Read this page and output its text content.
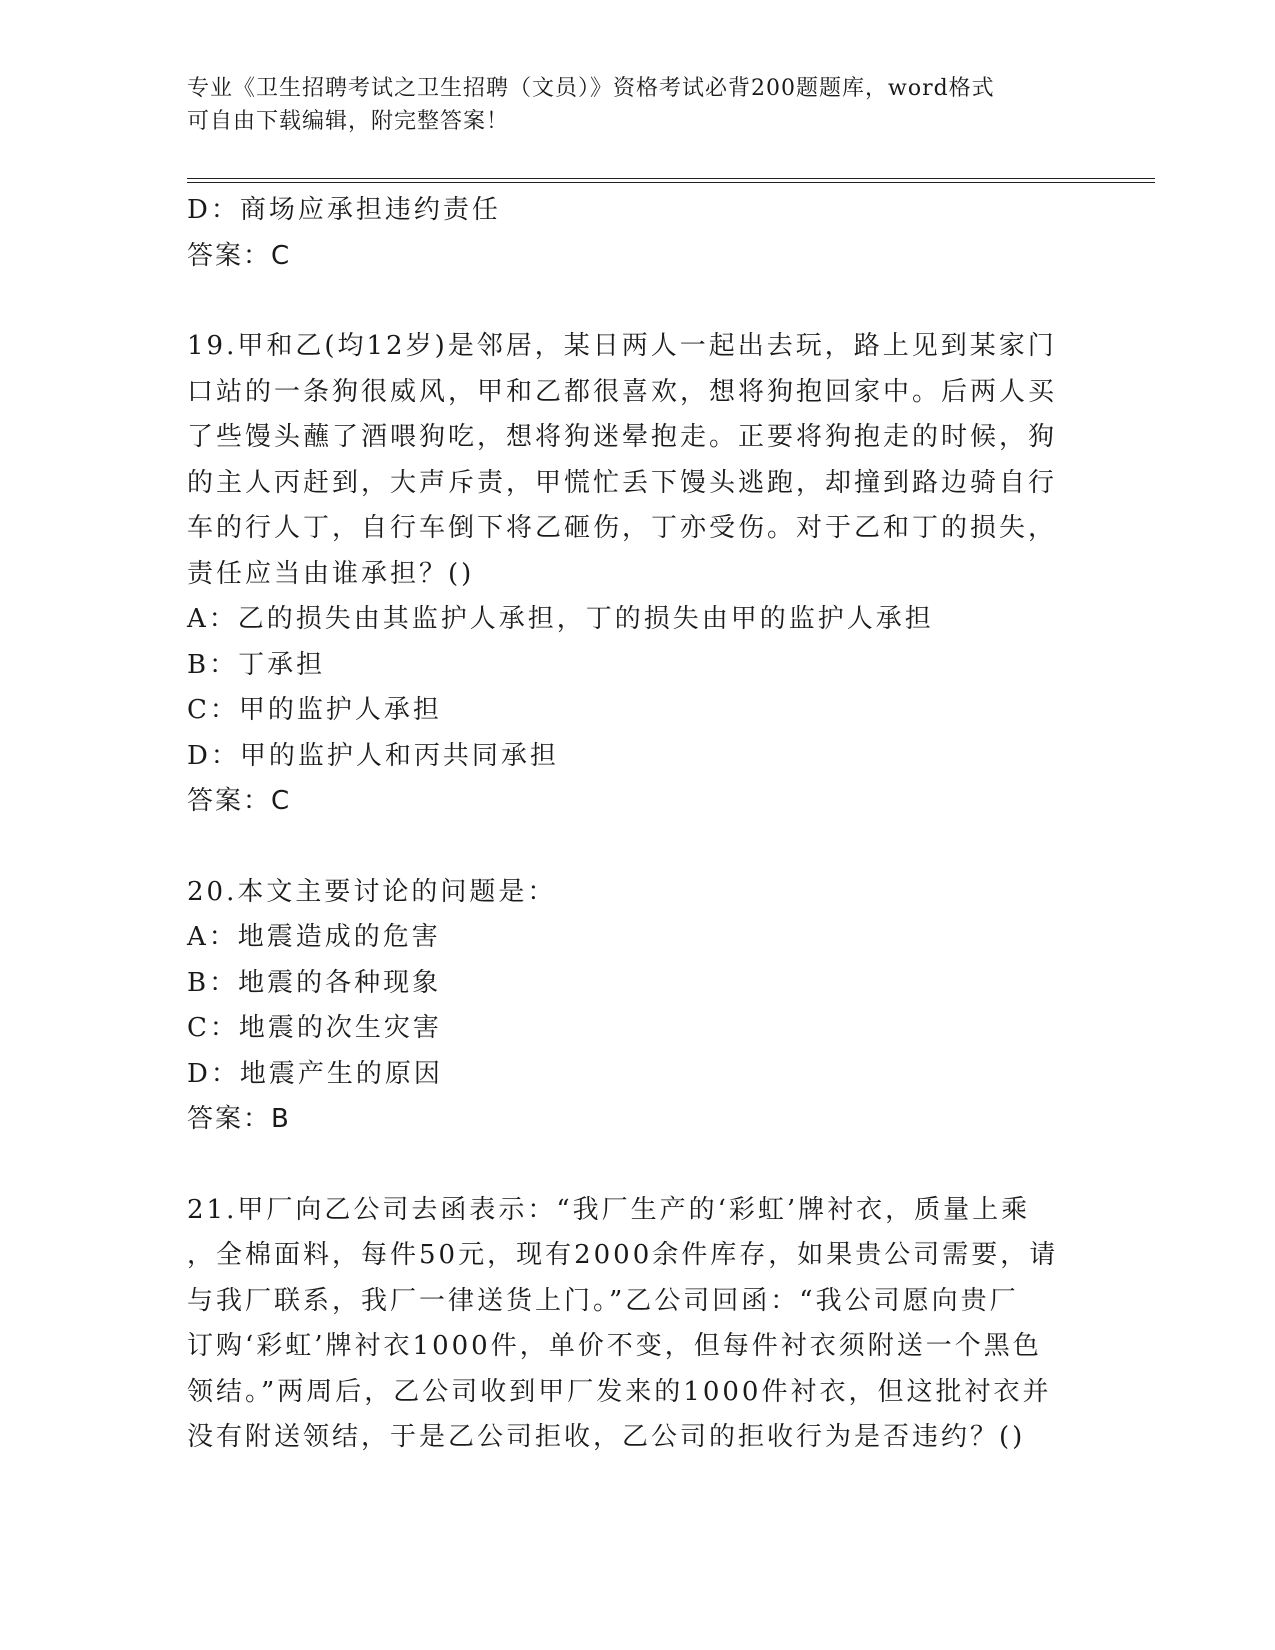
专业《卫生招聘考试之卫生招聘（文员）》资格考试必背200题题库，word格式
可自由下载编辑，附完整答案！
D：商场应承担违约责任
答案：C
19.甲和乙(均12岁)是邻居，某日两人一起出去玩，路上见到某家门
口站的一条狗很威风，甲和乙都很喜欢，想将狗抱回家中。后两人买
了些馒头蘸了酒喂狗吃，想将狗迷晕抱走。正要将狗抱走的时候，狗
的主人丙赶到，大声斥责，甲慌忙丢下馒头逃跑，却撞到路边骑自行
车的行人丁，自行车倒下将乙砸伤，丁亦受伤。对于乙和丁的损失，
责任应当由谁承担？()
A：乙的损失由其监护人承担，丁的损失由甲的监护人承担
B：丁承担
C：甲的监护人承担
D：甲的监护人和丙共同承担
答案：C
20.本文主要讨论的问题是：
A：地震造成的危害
B：地震的各种现象
C：地震的次生灾害
D：地震产生的原因
答案：B
21.甲厂向乙公司去函表示：“我厂生产的‘彩虹’牌衬衣，质量上乘
，全棉面料，每件50元，现有2000余件库存，如果贵公司需要，请
与我厂联系，我厂一律送货上门。”乙公司回函：“我公司愿向贵厂
订购‘彩虹’牌衬衣1000件，单价不变，但每件衬衣须附送一个黑色
领结。”两周后，乙公司收到甲厂发来的1000件衬衣，但这批衬衣并
没有附送领结，于是乙公司拒收，乙公司的拒收行为是否违约？()
